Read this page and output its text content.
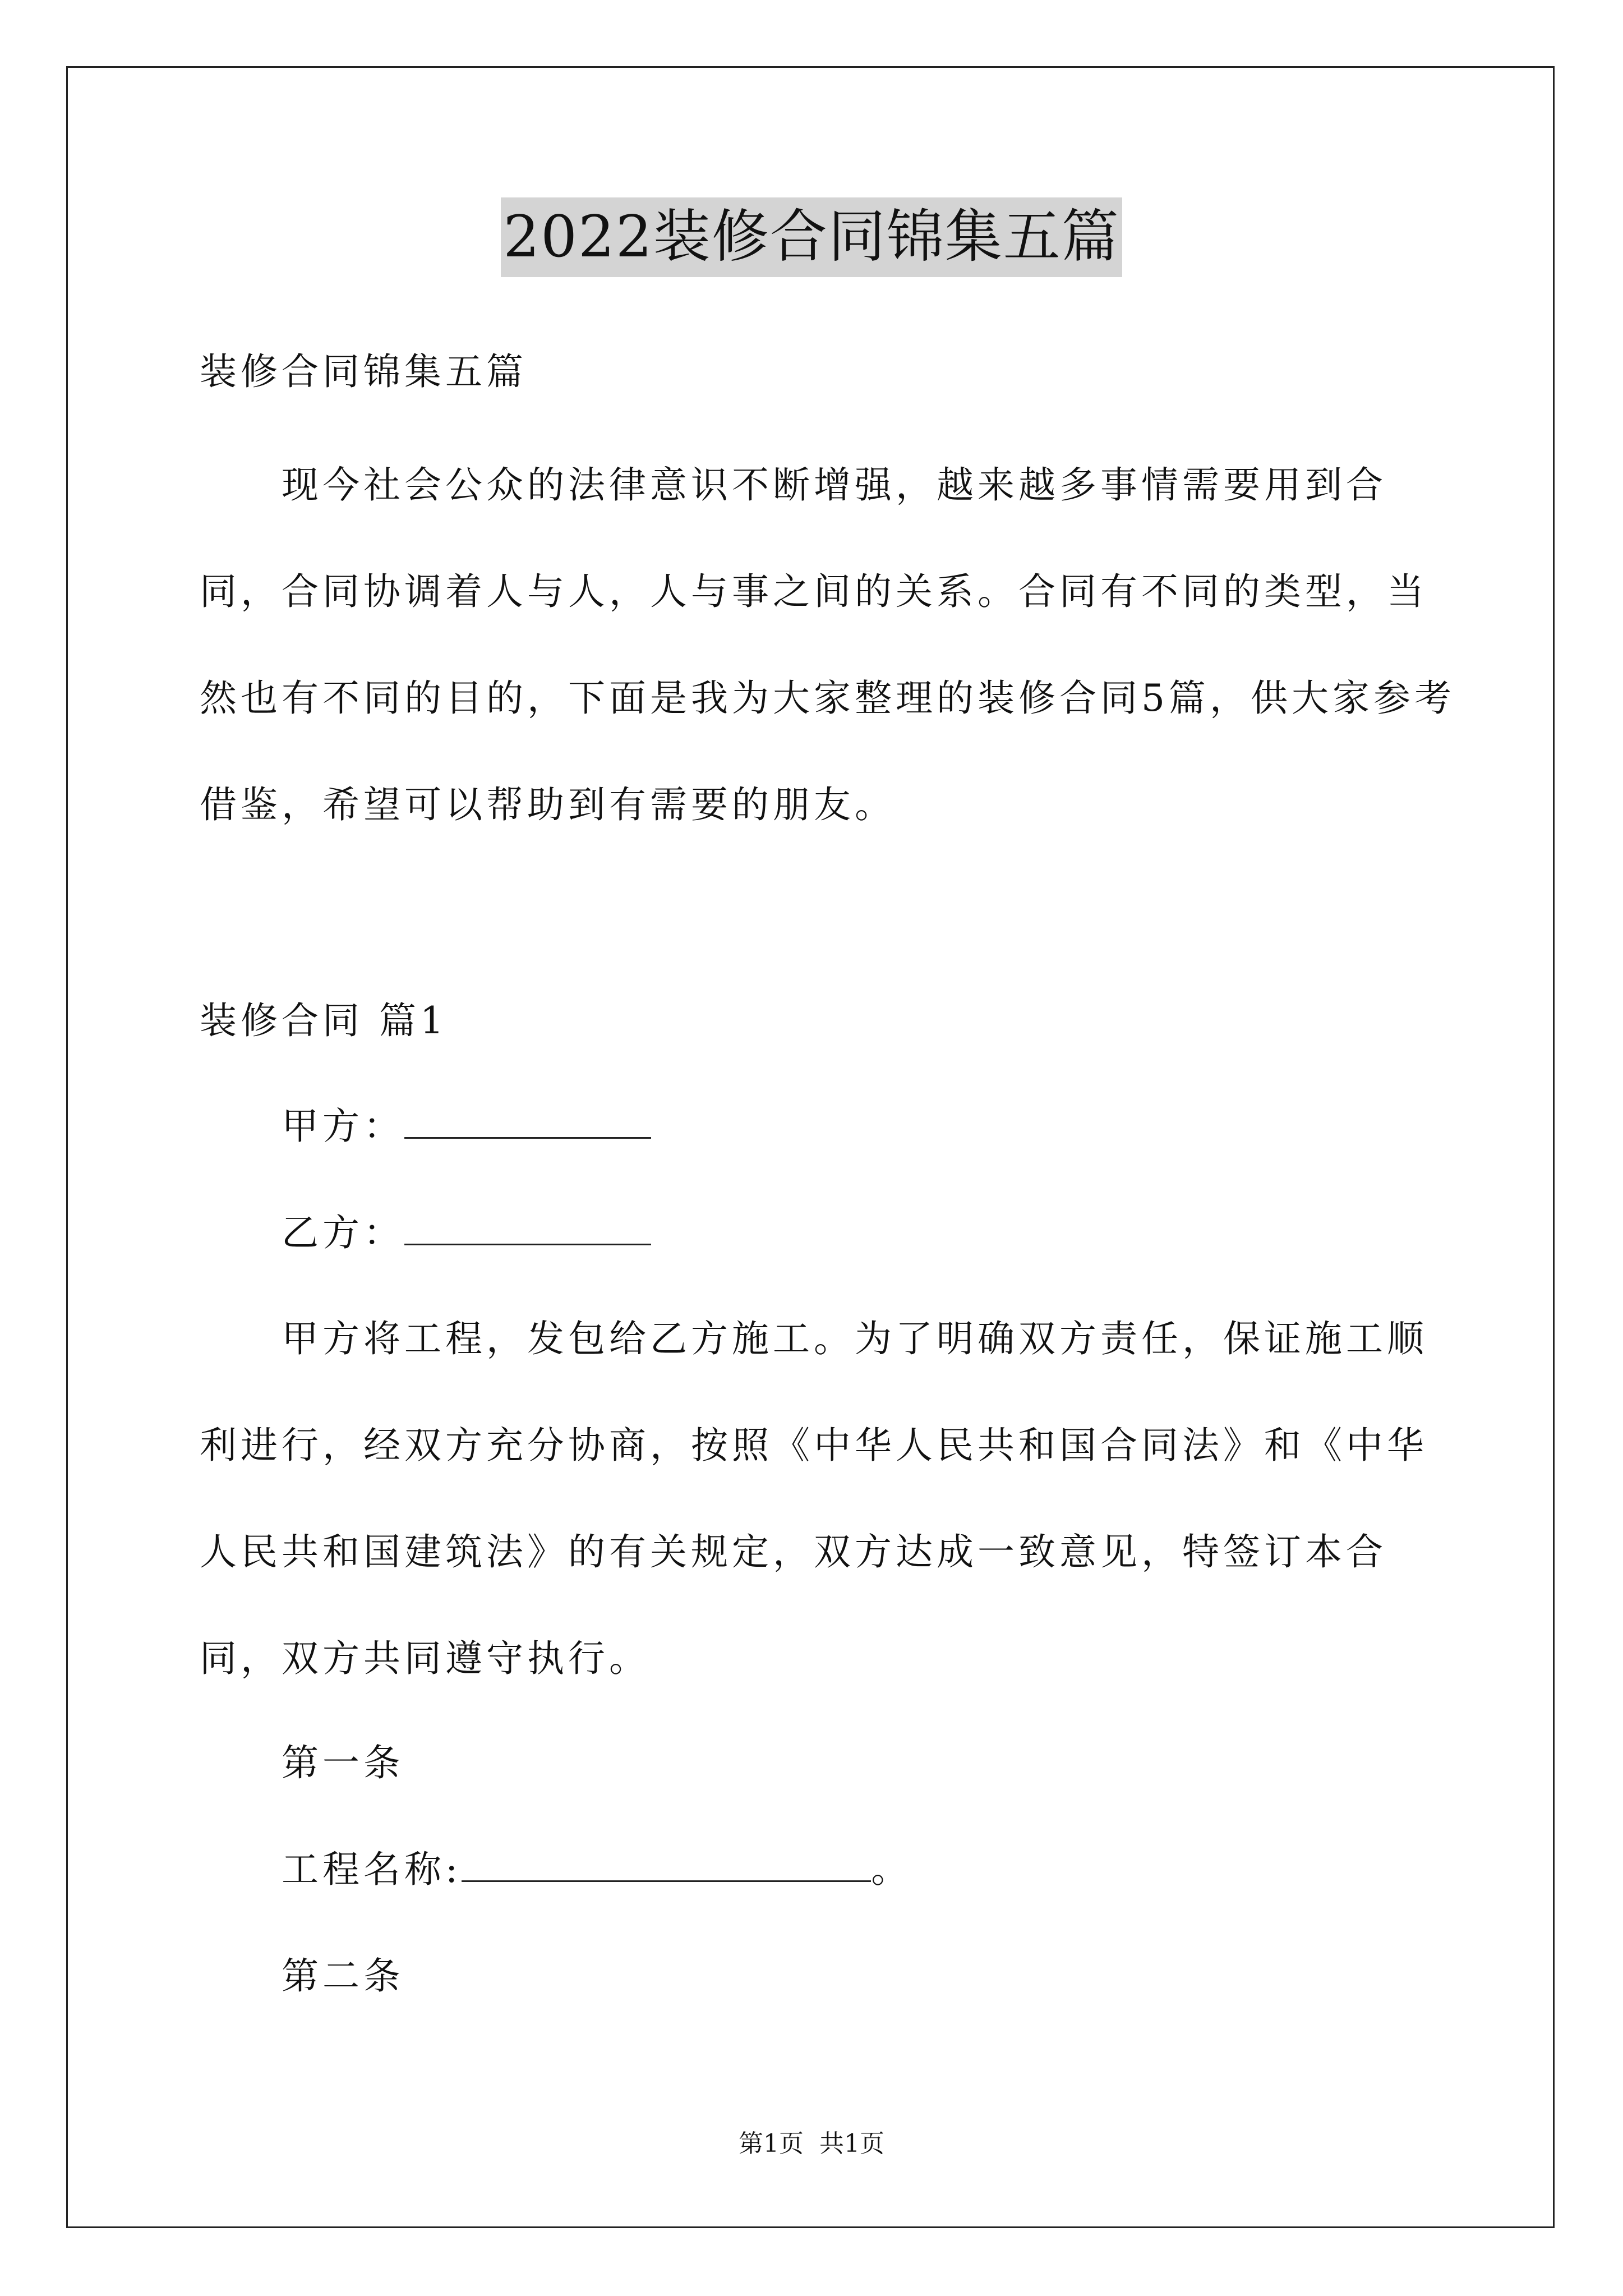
2022装修合同锦集五篇

装修合同锦集五篇

现今社会公众的法律意识不断增强，越来越多事情需要用到合同，合同协调着人与人，人与事之间的关系。合同有不同的类型，当然也有不同的目的，下面是我为大家整理的装修合同5篇，供大家参考借鉴，希望可以帮助到有需要的朋友。

装修合同 篇1

甲方：
乙方：

甲方将工程，发包给乙方施工。为了明确双方责任，保证施工顺利进行，经双方充分协商，按照《中华人民共和国合同法》和《中华人民共和国建筑法》的有关规定，双方达成一致意见，特签订本合同，双方共同遵守执行。

第一条

工程名称:	。

第二条

第1页 共1页
